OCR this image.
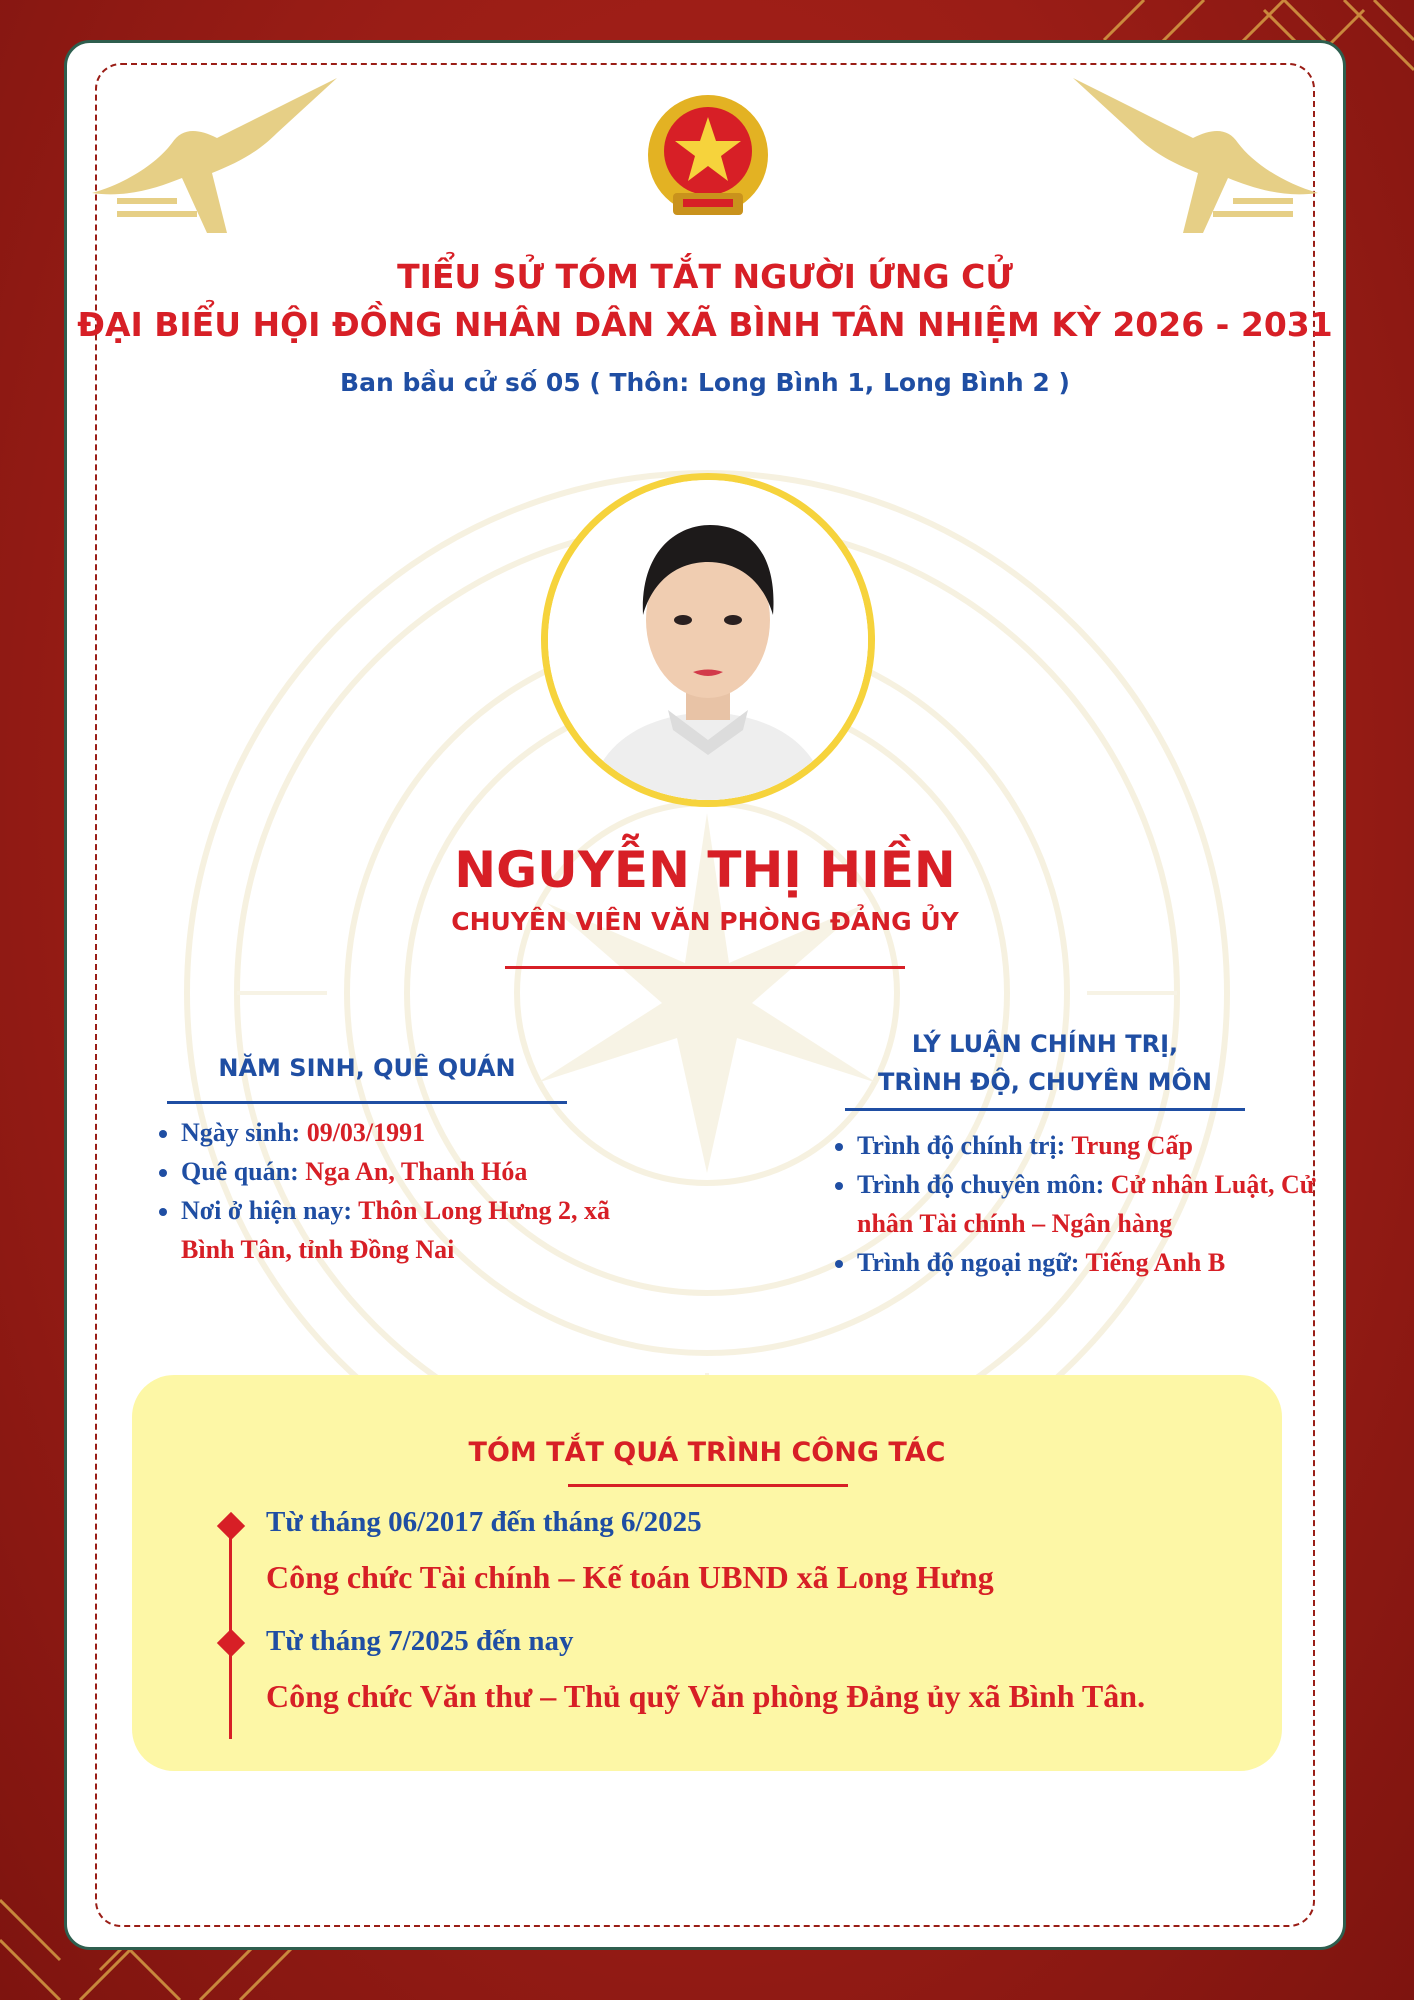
TIỂU SỬ TÓM TẮT NGƯỜI ỨNG CỬ
ĐẠI BIỂU HỘI ĐỒNG NHÂN DÂN XÃ BÌNH TÂN NHIỆM KỲ 2026 - 2031
Ban bầu cử số 05 ( Thôn: Long Bình 1, Long Bình 2 )
NGUYỄN THỊ HIỀN
CHUYÊN VIÊN VĂN PHÒNG ĐẢNG ỦY
NĂM SINH, QUÊ QUÁN
• Ngày sinh: 09/03/1991
• Quê quán: Nga An, Thanh Hóa
• Nơi ở hiện nay: Thôn Long Hưng 2, xã Bình Tân, tỉnh Đồng Nai
LÝ LUẬN CHÍNH TRỊ,
TRÌNH ĐỘ, CHUYÊN MÔN
• Trình độ chính trị: Trung Cấp
• Trình độ chuyên môn: Cử nhân Luật, Cử nhân Tài chính – Ngân hàng
• Trình độ ngoại ngữ: Tiếng Anh B
TÓM TẮT QUÁ TRÌNH CÔNG TÁC
Từ tháng 06/2017 đến tháng 6/2025
Công chức Tài chính – Kế toán UBND xã Long Hưng
Từ tháng 7/2025 đến nay
Công chức Văn thư – Thủ quỹ Văn phòng Đảng ủy xã Bình Tân.
